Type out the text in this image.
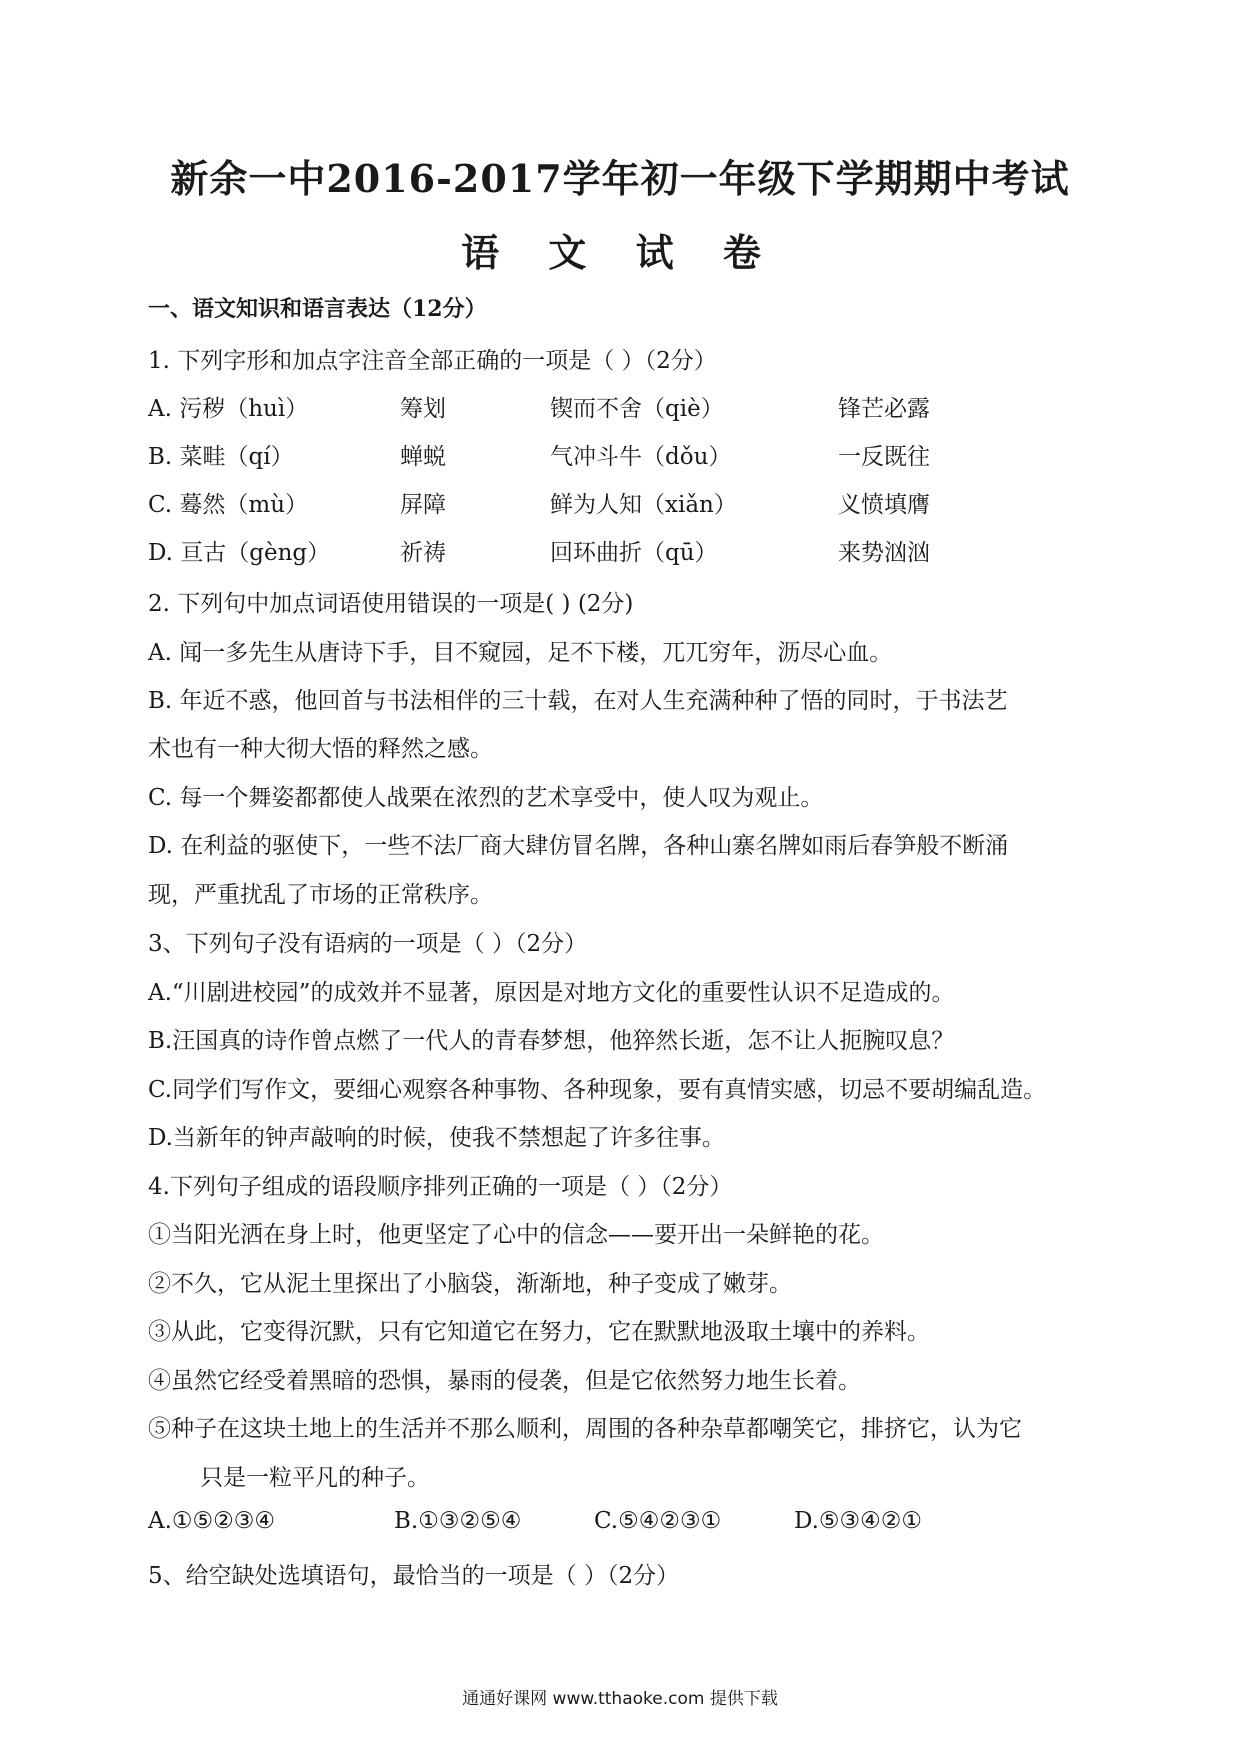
新余一中2016-2017学年初一年级下学期期中考试
语 文 试 卷
一、语文知识和语言表达（12分）
1. 下列字形和加点字注音全部正确的一项是（ ）（2分）
A. 污秽（huì）	筹划	锲而不舍（qiè）	锋芒必露
B. 菜畦（qí）	蝉蜕	气冲斗牛（dǒu）	一反既往
C. 蓦然（mù）	屏障	鲜为人知（xiǎn）	义愤填膺
D. 亘古（gèng）	祈祷	回环曲折（qū）	来势汹汹
2. 下列句中加点词语使用错误的一项是( ) (2分)
A. 闻一多先生从唐诗下手，目不窥园，足不下楼，兀兀穷年，沥尽心血。
B. 年近不惑，他回首与书法相伴的三十载，在对人生充满种种了悟的同时，于书法艺
术也有一种大彻大悟的释然之感。
C. 每一个舞姿都都使人战栗在浓烈的艺术享受中，使人叹为观止。
D. 在利益的驱使下，一些不法厂商大肆仿冒名牌，各种山寨名牌如雨后春笋般不断涌
现，严重扰乱了市场的正常秩序。
3、下列句子没有语病的一项是（ ）（2分）
A.“川剧进校园”的成效并不显著，原因是对地方文化的重要性认识不足造成的。
B.汪国真的诗作曾点燃了一代人的青春梦想，他猝然长逝，怎不让人扼腕叹息？
C.同学们写作文，要细心观察各种事物、各种现象，要有真情实感，切忌不要胡编乱造。
D.当新年的钟声敲响的时候，使我不禁想起了许多往事。
4.下列句子组成的语段顺序排列正确的一项是（ ）（2分）
①当阳光洒在身上时，他更坚定了心中的信念——要开出一朵鲜艳的花。
②不久，它从泥土里探出了小脑袋，渐渐地，种子变成了嫩芽。
③从此，它变得沉默，只有它知道它在努力，它在默默地汲取土壤中的养料。
④虽然它经受着黑暗的恐惧，暴雨的侵袭，但是它依然努力地生长着。
⑤种子在这块土地上的生活并不那么顺利，周围的各种杂草都嘲笑它，排挤它，认为它
只是一粒平凡的种子。
A.①⑤②③④	B.①③②⑤④	C.⑤④②③①	D.⑤③④②①
5、给空缺处选填语句，最恰当的一项是（ ）（2分）
通通好课网 www.tthaoke.com 提供下载
